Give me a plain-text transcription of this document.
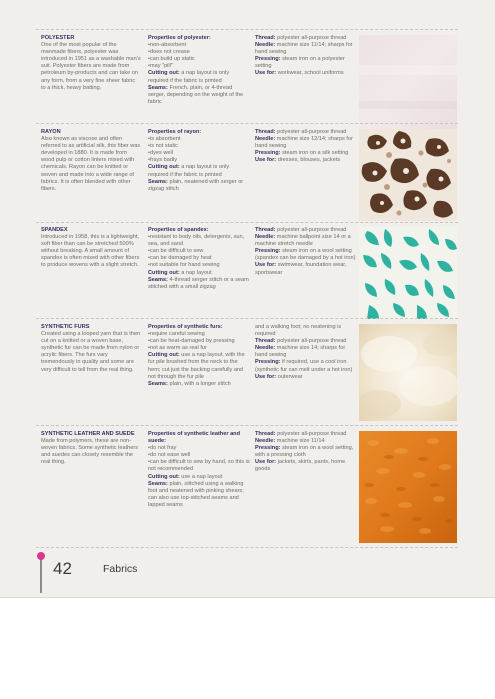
POLYESTER
One of the most popular of the manmade fibers, polyester was introduced in 1951 as a washable man's suit. Polyester fibers are made from petroleum by-products and can take on any form, from a very fine sheer fabric to a thick, heavy batting.
Properties of polyester:
• non-absorbent
• does not crease
• can build up static
• may "pill"
Cutting out: a nap layout is only required if the fabric is printed
Seams: French, plain, or 4-thread serger, depending on the weight of the fabric
Thread: polyester all-purpose thread
Needle: machine size 11/14; sharps for hand sewing
Pressing: steam iron on a polyester setting
Use for: workwear, school uniforms
RAYON
Also known as viscose and often referred to as artificial silk, this fiber was developed in 1880. It is made from wood pulp or cotton linters mixed with chemicals. Rayon can be knitted or woven and made into a wide range of fabrics. It is often blended with other fibers.
Properties of rayon:
• is absorbent
• is not static
• dyes well
• frays badly
Cutting out: a nap layout is only required if the fabric is printed
Seams: plain, neatened with serger or zigzag stitch
Thread: polyester all-purpose thread
Needle: machine size 12/14; sharps for hand sewing
Pressing: steam iron on a silk setting
Use for: dresses, blouses, jackets
SPANDEX
Introduced in 1958, this is a lightweight, soft fiber than can be stretched 500% without breaking. A small amount of spandex is often mixed with other fibers to produce wovens with a slight stretch.
Properties of spandex:
• resistant to body oils, detergents, sun, sea, and sand
• can be difficult to sew
• can be damaged by heat
• not suitable for hand sewing
Cutting out: a nap layout
Seams: 4-thread serger stitch or a seam stitched with a small zigzag
Thread: polyester all-purpose thread
Needle: machine ballpoint size 14 or a machine stretch needle
Pressing: steam iron on a wool setting (spandex can be damaged by a hot iron)
Use for: swimwear, foundation wear, sportswear
SYNTHETIC FURS
Created using a looped yarn that is then cut on a knitted or a woven base, synthetic fur can be made from nylon or acrylic fibers. The furs vary tremendously in quality and some are very difficult to tell from the real thing.
Properties of synthetic furs:
• require careful sewing
• can be heat-damaged by pressing
• not as warm as real fur
Cutting out: use a nap layout, with the fur pile brushed from the neck to the hem; cut just the backing carefully and not through the fur pile
Seams: plain, with a longer stitch
and a walking foot; no neatening is required
Thread: polyester all-purpose thread
Needle: machine size 14; sharps for hand sewing
Pressing: if required, use a cool iron (synthetic fur can melt under a hot iron)
Use for: outerwear
SYNTHETIC LEATHER AND SUEDE
Made from polymers, these are non-woven fabrics. Some synthetic leathers and suedes can closely resemble the real thing.
Properties of synthetic leather and suede:
• do not fray
• do not ease well
• can be difficult to sew by hand, so this is not recommended
Cutting out: use a nap layout
Seams: plain, stitched using a walking foot and neatened with pinking shears; can also use top-stitched seams and lapped seams
Thread: polyester all-purpose thread
Needle: machine size 11/14
Pressing: steam iron on a wool setting, with a pressing cloth
Use for: jackets, skirts, pants, home goods
42	Fabrics
